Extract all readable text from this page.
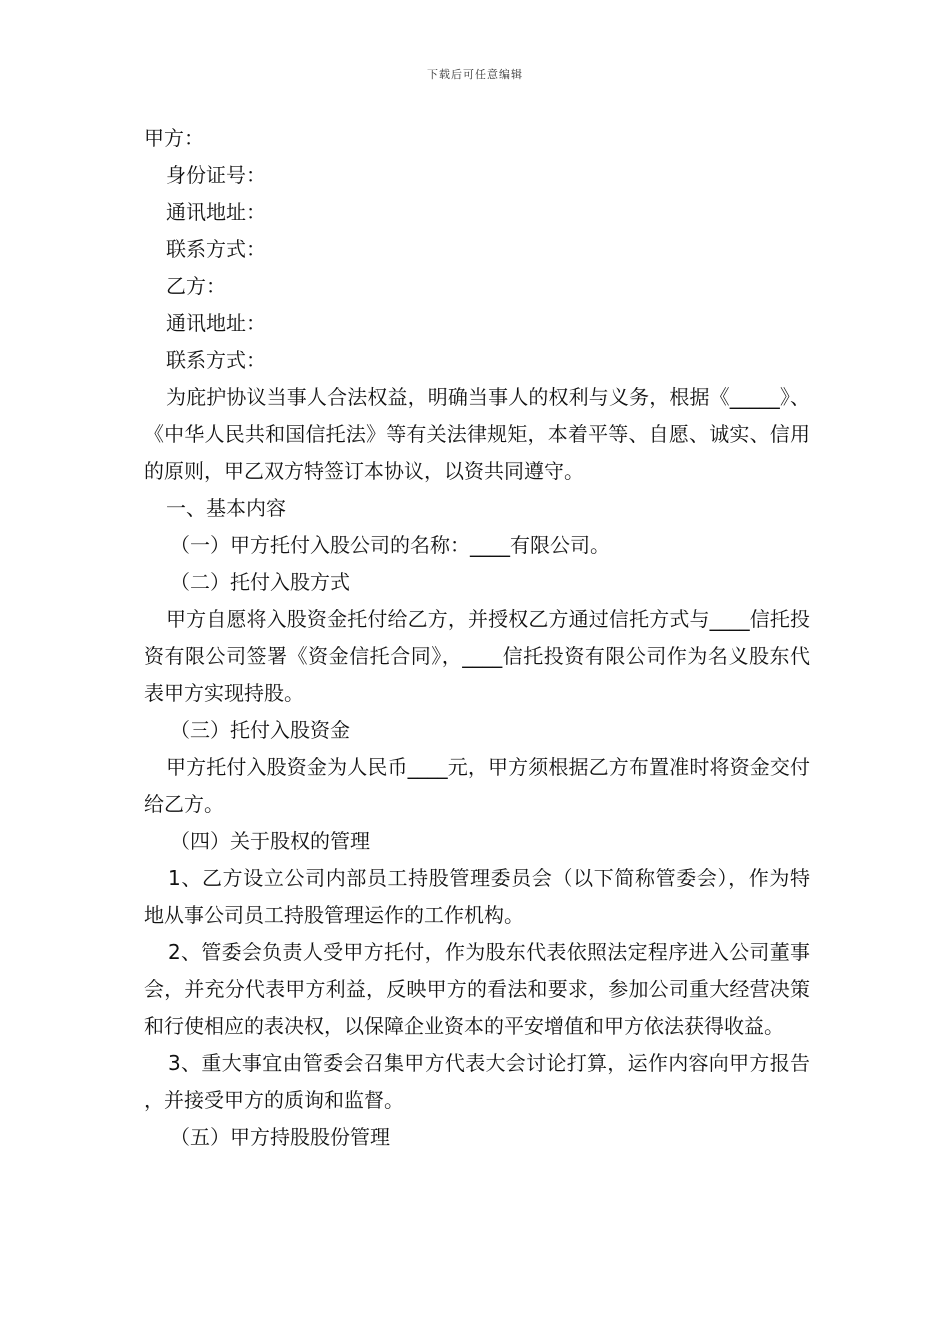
下载后可任意编辑
甲方：
身份证号：
通讯地址：
联系方式：
乙方：
通讯地址：
联系方式：
为庇护协议当事人合法权益，明确当事人的权利与义务，根据《_____》、《中华人民共和国信托法》等有关法律规矩，本着平等、自愿、诚实、信用的原则，甲乙双方特签订本协议，以资共同遵守。
一、基本内容
（一）甲方托付入股公司的名称：____有限公司。
（二）托付入股方式
甲方自愿将入股资金托付给乙方，并授权乙方通过信托方式与____信托投资有限公司签署《资金信托合同》，____信托投资有限公司作为名义股东代表甲方实现持股。
（三）托付入股资金
甲方托付入股资金为人民币____元，甲方须根据乙方布置准时将资金交付给乙方。
（四）关于股权的管理
1、乙方设立公司内部员工持股管理委员会（以下简称管委会），作为特地从事公司员工持股管理运作的工作机构。
2、管委会负责人受甲方托付，作为股东代表依照法定程序进入公司董事会，并充分代表甲方利益，反映甲方的看法和要求，参加公司重大经营决策和行使相应的表决权，以保障企业资本的平安增值和甲方依法获得收益。
3、重大事宜由管委会召集甲方代表大会讨论打算，运作内容向甲方报告，并接受甲方的质询和监督。
（五）甲方持股股份管理
